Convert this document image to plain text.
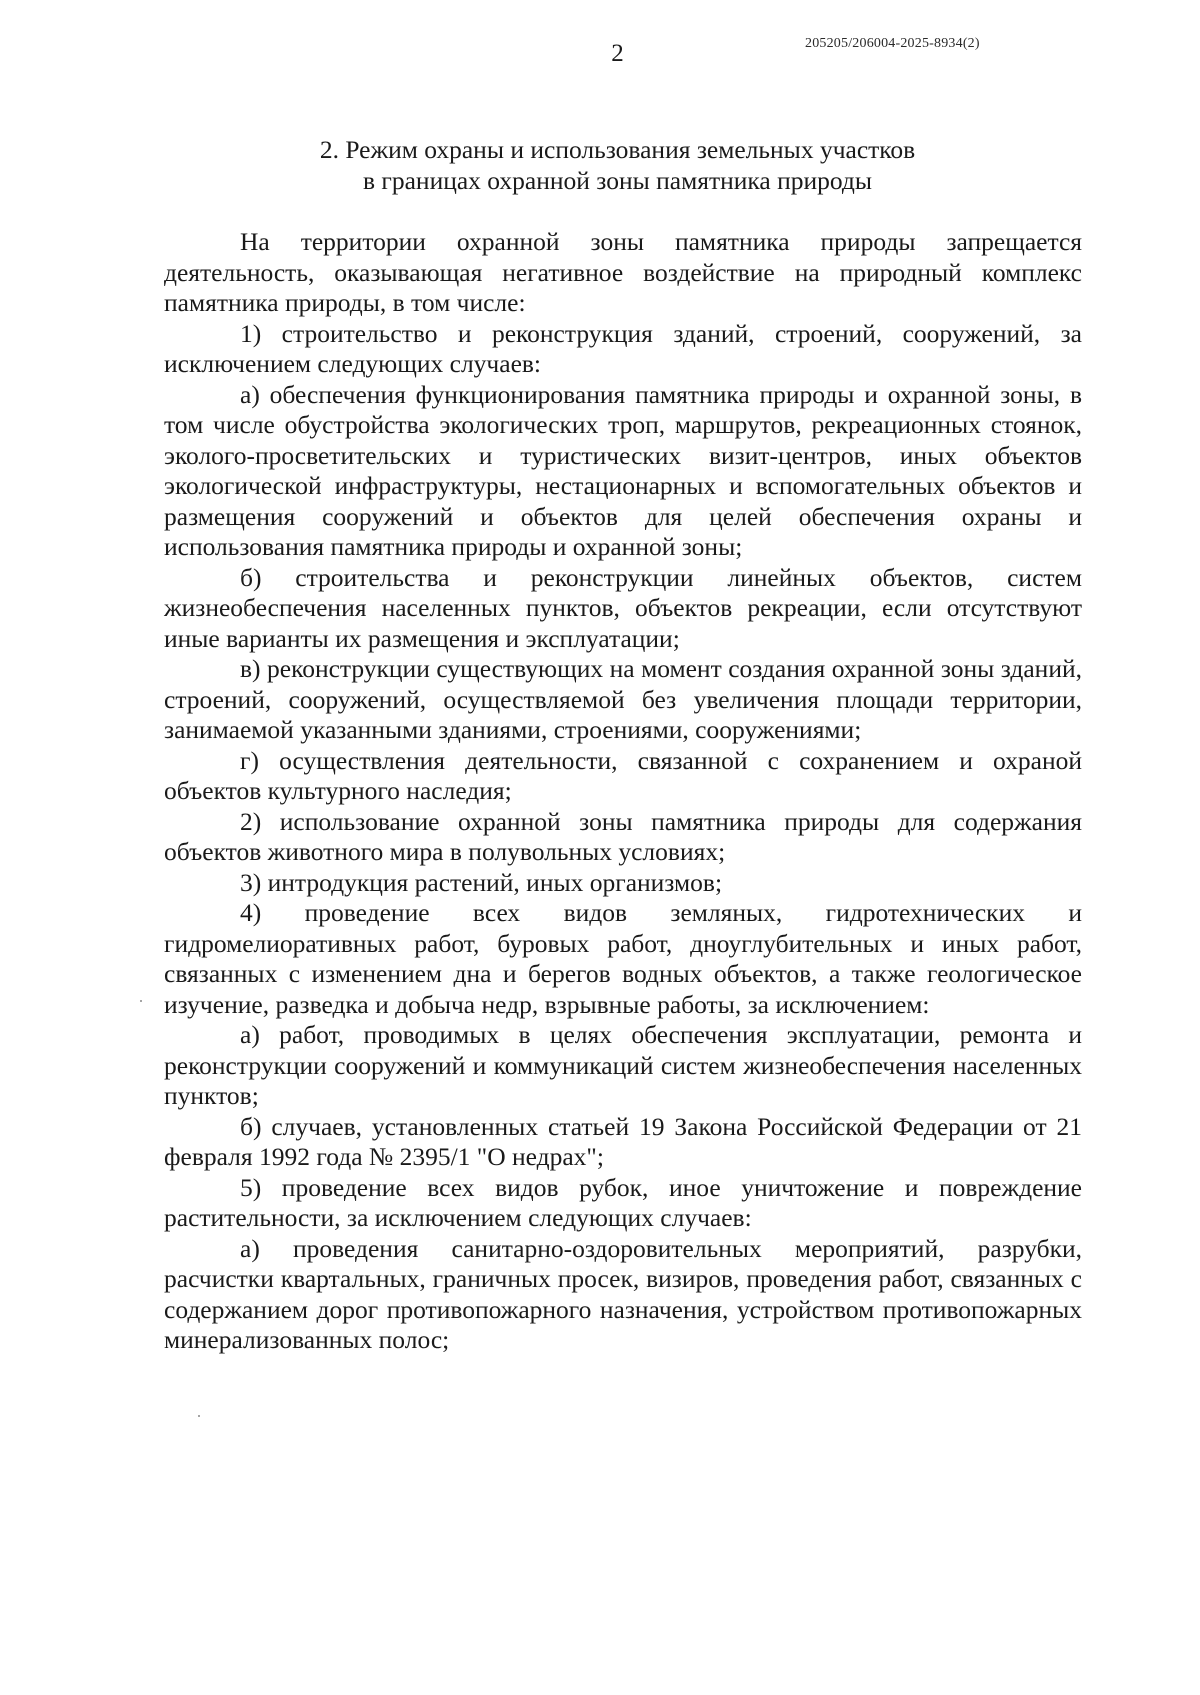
205205/206004-2025-8934(2)
2
2. Режим охраны и использования земельных участков
в границах охранной зоны памятника природы

На территории охранной зоны памятника природы запрещается деятельность, оказывающая негативное воздействие на природный комплекс памятника природы, в том числе:

1) строительство и реконструкция зданий, строений, сооружений, за исключением следующих случаев:

а) обеспечения функционирования памятника природы и охранной зоны, в том числе обустройства экологических троп, маршрутов, рекреационных стоянок, эколого-просветительских и туристических визит-центров, иных объектов экологической инфраструктуры, нестационарных и вспомогательных объектов и размещения сооружений и объектов для целей обеспечения охраны и использования памятника природы и охранной зоны;

б) строительства и реконструкции линейных объектов, систем жизнеобеспечения населенных пунктов, объектов рекреации, если отсутствуют иные варианты их размещения и эксплуатации;

в) реконструкции существующих на момент создания охранной зоны зданий, строений, сооружений, осуществляемой без увеличения площади территории, занимаемой указанными зданиями, строениями, сооружениями;

г) осуществления деятельности, связанной с сохранением и охраной объектов культурного наследия;

2) использование охранной зоны памятника природы для содержания объектов животного мира в полувольных условиях;

3) интродукция растений, иных организмов;

4) проведение всех видов земляных, гидротехнических и гидромелиоративных работ, буровых работ, дноуглубительных и иных работ, связанных с изменением дна и берегов водных объектов, а также геологическое изучение, разведка и добыча недр, взрывные работы, за исключением:

а) работ, проводимых в целях обеспечения эксплуатации, ремонта и реконструкции сооружений и коммуникаций систем жизнеобеспечения населенных пунктов;

б) случаев, установленных статьей 19 Закона Российской Федерации от 21 февраля 1992 года № 2395/1 "О недрах";

5) проведение всех видов рубок, иное уничтожение и повреждение растительности, за исключением следующих случаев:

а) проведения санитарно-оздоровительных мероприятий, разрубки, расчистки квартальных, граничных просек, визиров, проведения работ, связанных с содержанием дорог противопожарного назначения, устройством противопожарных минерализованных полос;
